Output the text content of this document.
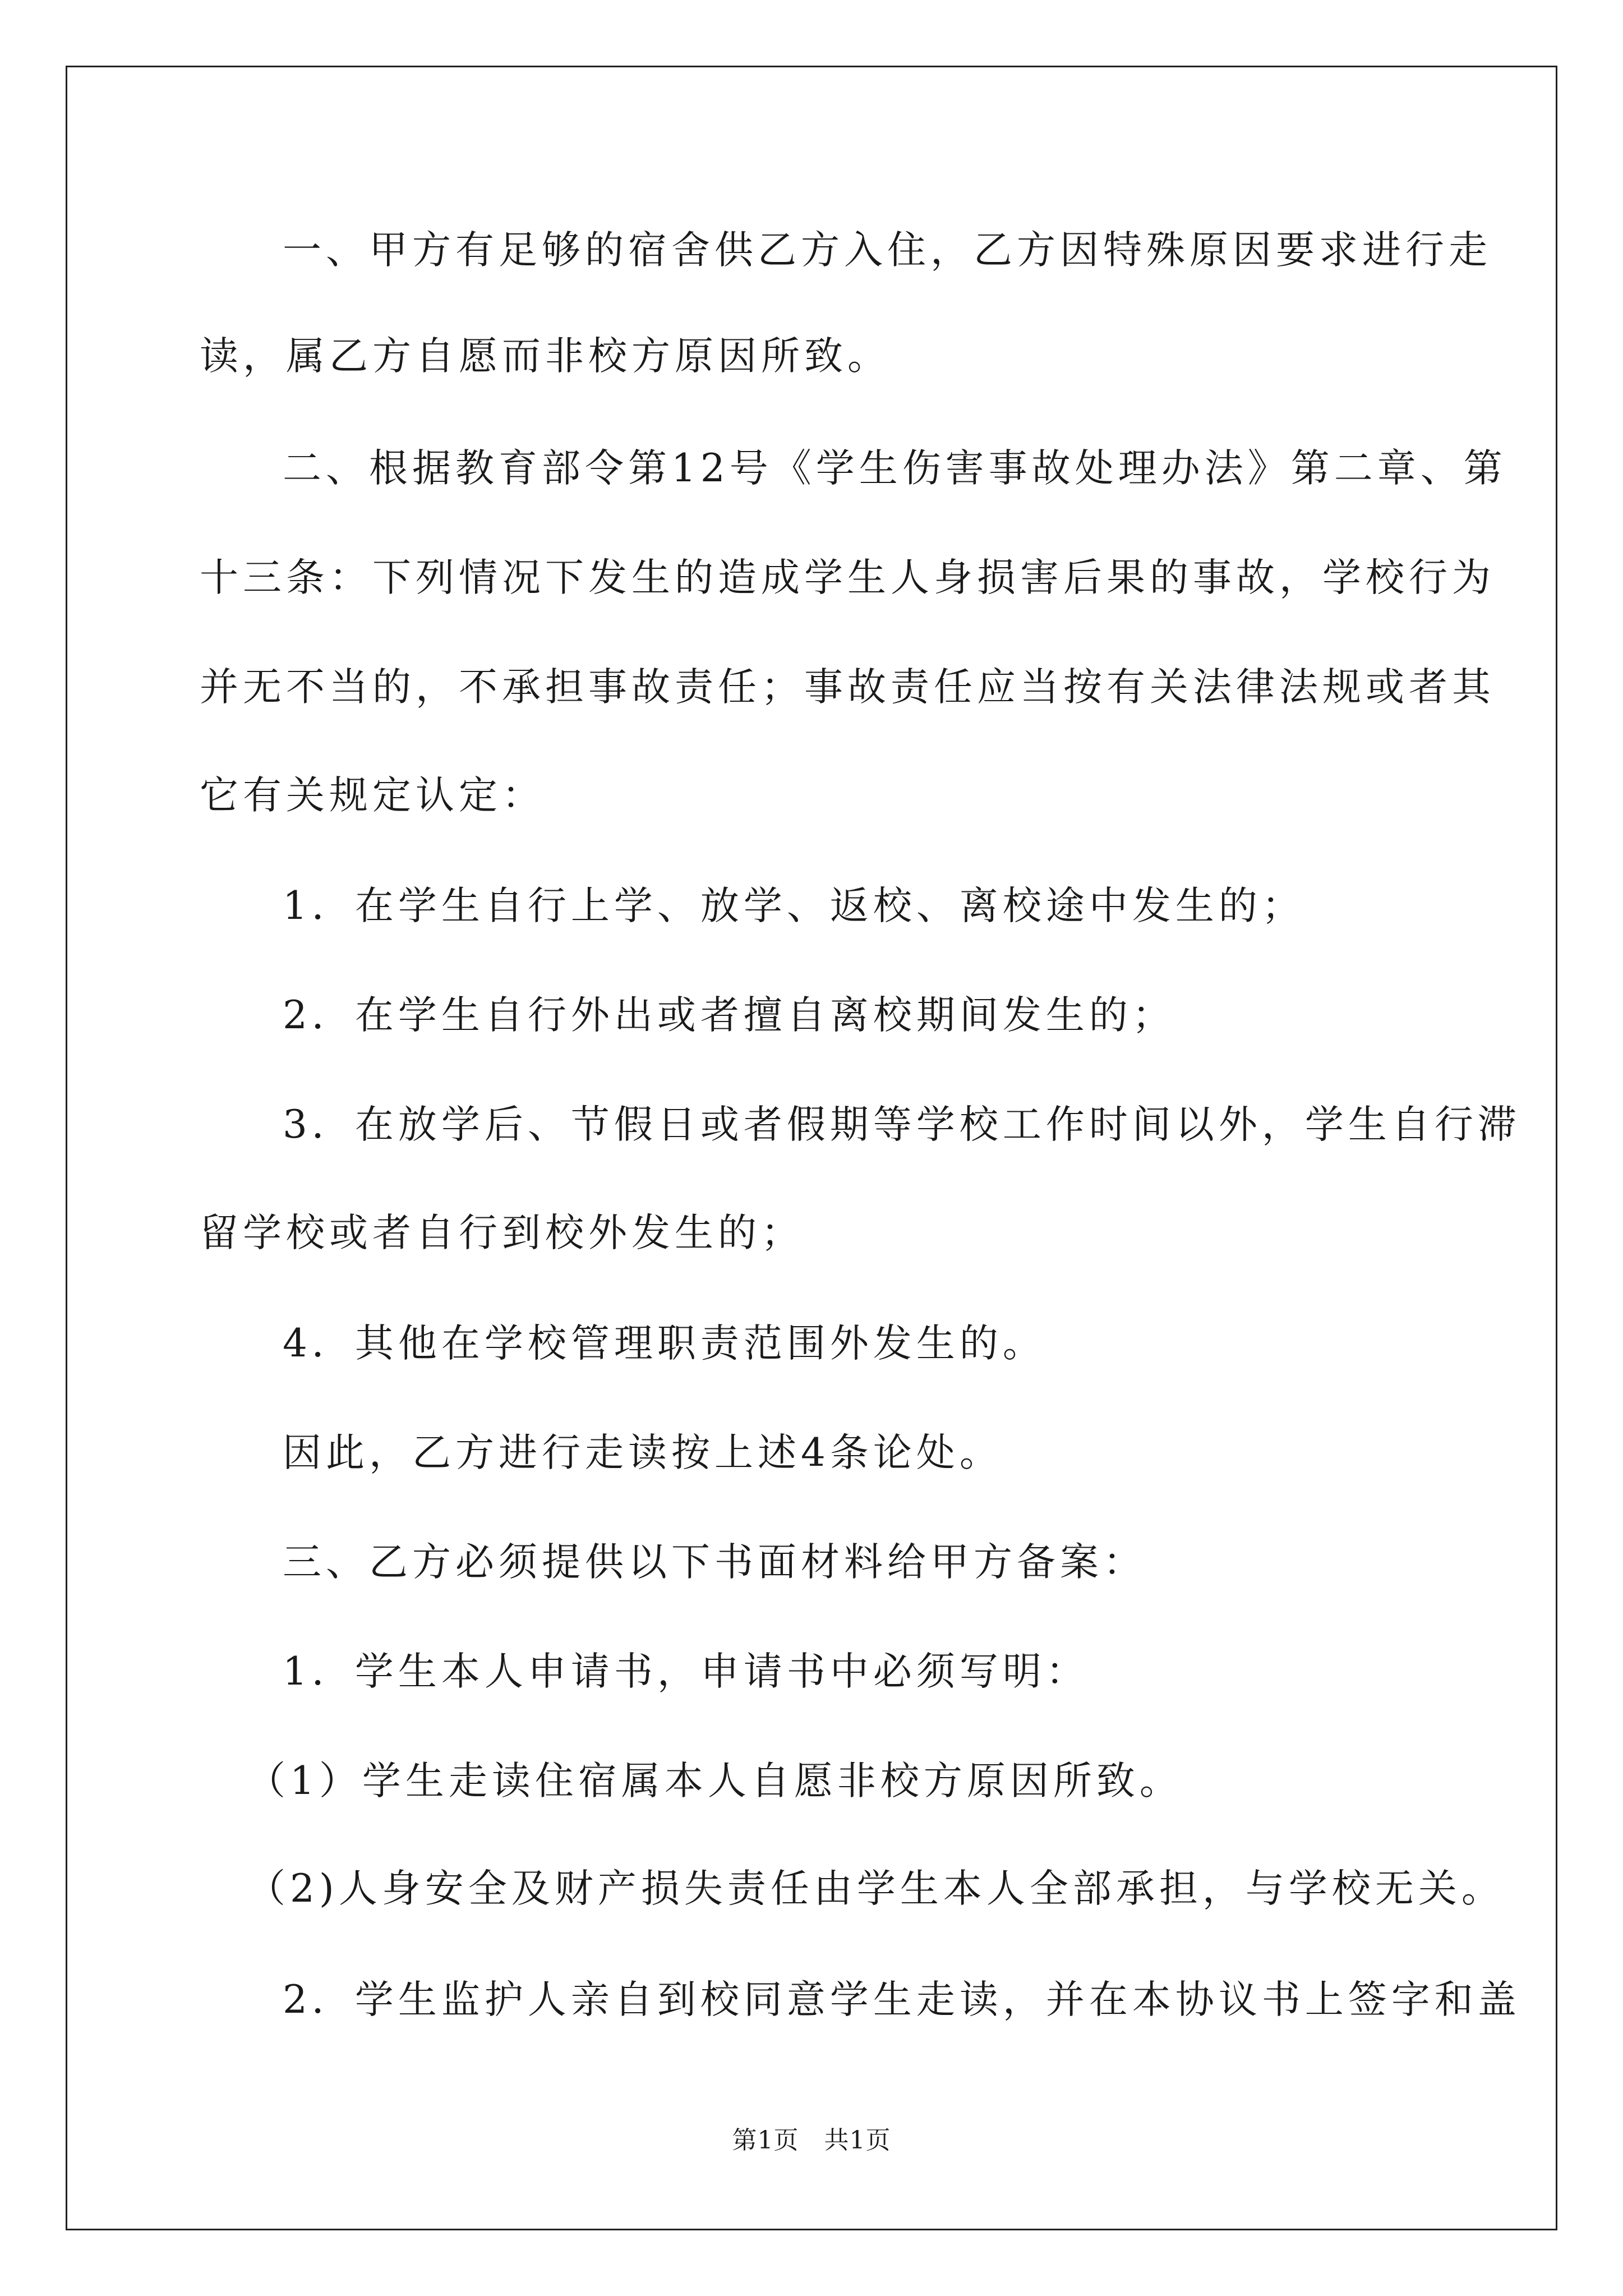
一、甲方有足够的宿舍供乙方入住，乙方因特殊原因要求进行走
读，属乙方自愿而非校方原因所致。
二、根据教育部令第12号《学生伤害事故处理办法》第二章、第
十三条：下列情况下发生的造成学生人身损害后果的事故，学校行为
并无不当的，不承担事故责任；事故责任应当按有关法律法规或者其
它有关规定认定：
1．在学生自行上学、放学、返校、离校途中发生的；
2．在学生自行外出或者擅自离校期间发生的；
3．在放学后、节假日或者假期等学校工作时间以外，学生自行滞
留学校或者自行到校外发生的；
4．其他在学校管理职责范围外发生的。
因此，乙方进行走读按上述4条论处。
三、乙方必须提供以下书面材料给甲方备案：
1．学生本人申请书，申请书中必须写明：
（1）学生走读住宿属本人自愿非校方原因所致。
（2)人身安全及财产损失责任由学生本人全部承担，与学校无关。
2．学生监护人亲自到校同意学生走读，并在本协议书上签字和盖
第1页   共1页
